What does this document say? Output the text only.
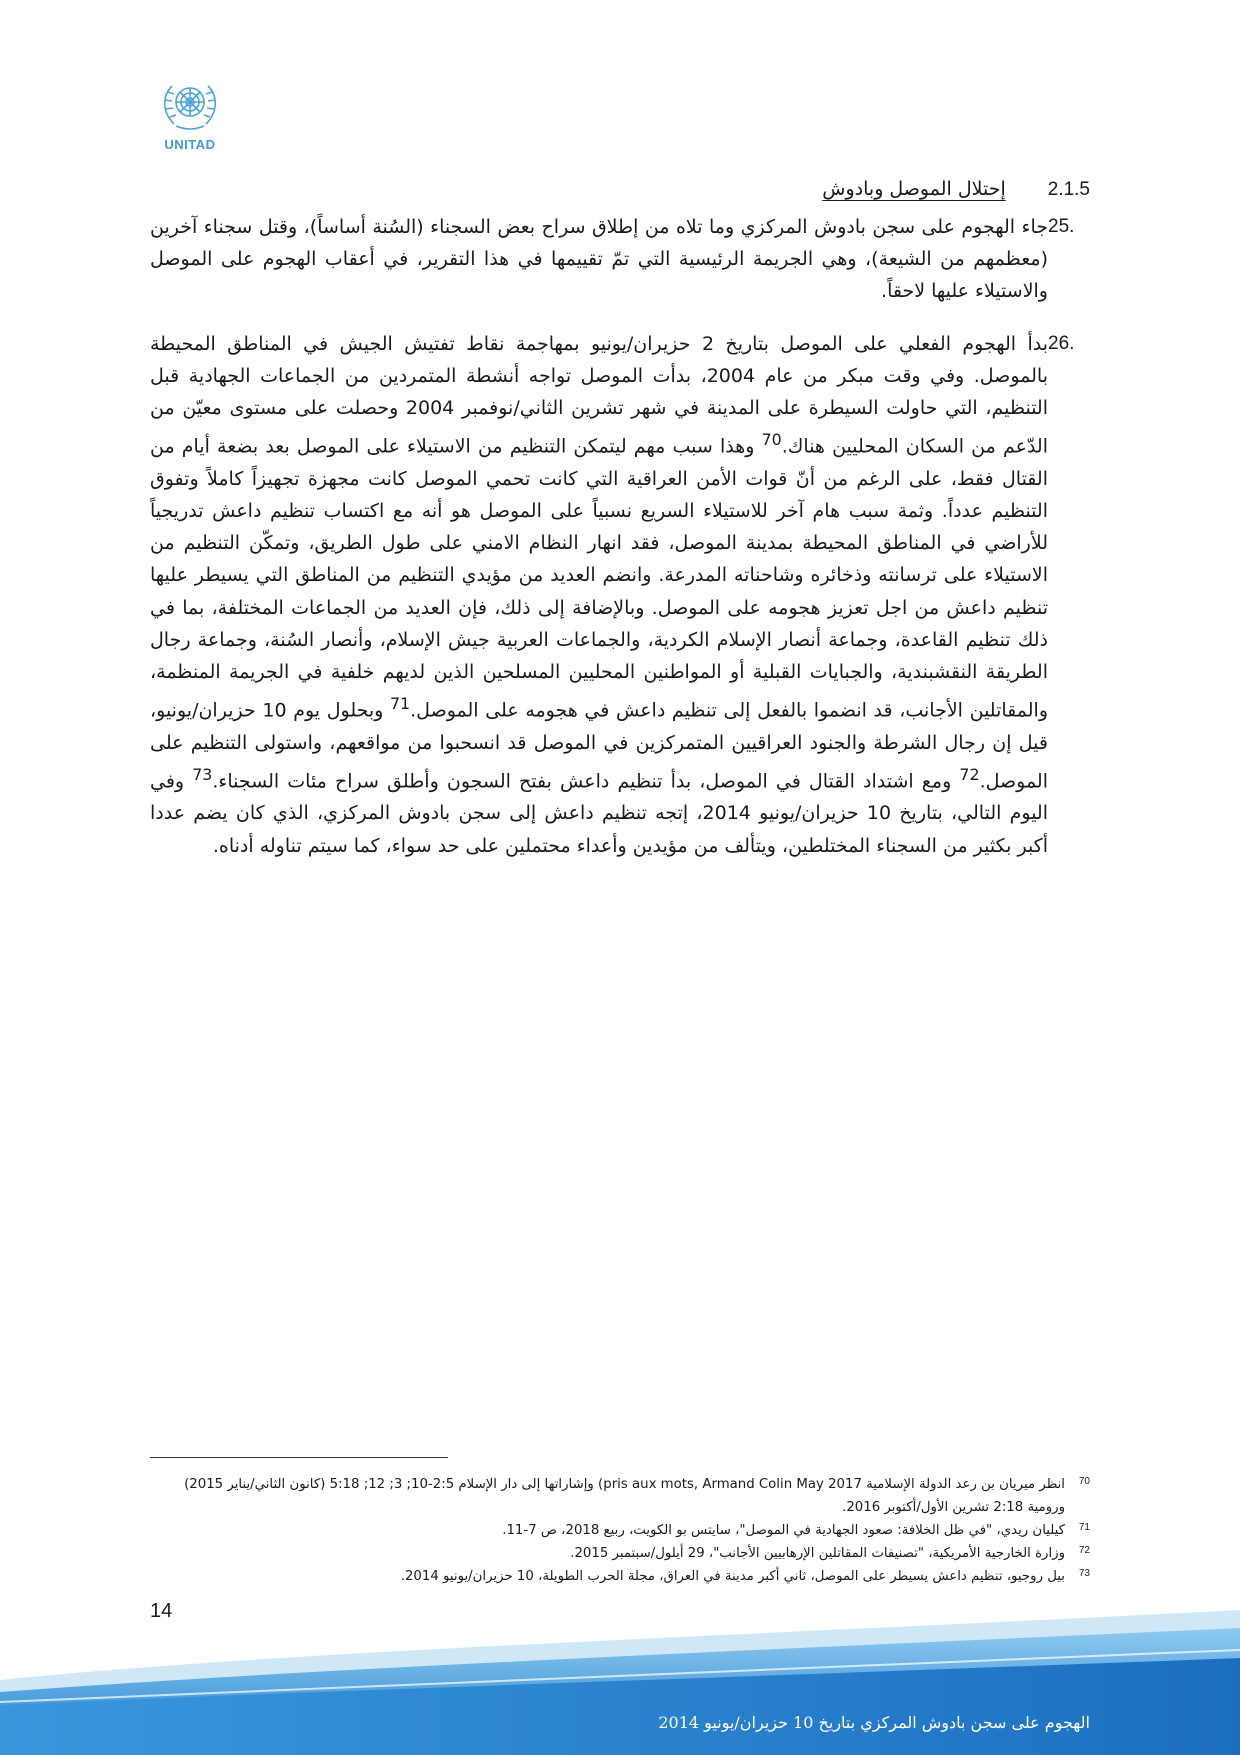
UNITAD
2.1.5
إحتلال الموصل وبادوش
25.
جاء الهجوم على سجن بادوش المركزي وما تلاه من إطلاق سراح بعض السجناء (السُنة أساساً)، وقتل سجناء آخرين (معظمهم من الشيعة)، وهي الجريمة الرئيسية التي تمّ تقييمها في هذا التقرير، في أعقاب الهجوم على الموصل والاستيلاء عليها لاحقاً.
26.
بدأ الهجوم الفعلي على الموصل بتاريخ 2 حزيران/يونيو بمهاجمة نقاط تفتيش الجيش في المناطق المحيطة بالموصل. وفي وقت مبكر من عام 2004، بدأت الموصل تواجه أنشطة المتمردين من الجماعات الجهادية قبل التنظيم، التي حاولت السيطرة على المدينة في شهر تشرين الثاني/نوفمبر 2004 وحصلت على مستوى معيّن من الدّعم من السكان المحليين هناك.$^{70}$ وهذا سبب مهم ليتمكن التنظيم من الاستيلاء على الموصل بعد بضعة أيام من القتال فقط، على الرغم من أنّ قوات الأمن العراقية التي كانت تحمي الموصل كانت مجهزة تجهيزاً كاملاً وتفوق التنظيم عدداً. وثمة سبب هام آخر للاستيلاء السريع نسبياً على الموصل هو أنه مع اكتساب تنظيم داعش تدريجياً للأراضي في المناطق المحيطة بمدينة الموصل، فقد انهار النظام الامني على طول الطريق، وتمكّن التنظيم من الاستيلاء على ترسانته وذخائره وشاحناته المدرعة. وانضم العديد من مؤيدي التنظيم من المناطق التي يسيطر عليها تنظيم داعش من اجل تعزيز هجومه على الموصل. وبالإضافة إلى ذلك، فإن العديد من الجماعات المختلفة، بما في ذلك تنظيم القاعدة، وجماعة أنصار الإسلام الكردية، والجماعات العربية جيش الإسلام، وأنصار السُنة، وجماعة رجال الطريقة النقشبندية، والجبايات القبلية أو المواطنين المحليين المسلحين الذين لديهم خلفية في الجريمة المنظمة، والمقاتلين الأجانب، قد انضموا بالفعل إلى تنظيم داعش في هجومه على الموصل.$^{71}$ وبحلول يوم 10 حزيران/يونيو، قيل إن رجال الشرطة والجنود العراقيين المتمركزين في الموصل قد انسحبوا من مواقعهم، واستولى التنظيم على الموصل.$^{72}$ ومع اشتداد القتال في الموصل، بدأ تنظيم داعش بفتح السجون وأطلق سراح مئات السجناء.$^{73}$ وفي اليوم التالي، بتاريخ 10 حزيران/يونيو 2014، إتجه تنظيم داعش إلى سجن بادوش المركزي، الذي كان يضم عددا أكبر بكثير من السجناء المختلطين، ويتألف من مؤيدين وأعداء محتملين على حد سواء، كما سيتم تناوله أدناه.
70
انظر ميريان بن رعد الدولة الإسلامية pris aux mots, Armand Colin May 2017) وإشاراتها إلى دار الإسلام 2:5-10; 3; 12; 5:18 (كانون الثاني/يناير 2015) ورومية 2:18 تشرين الأول/أكتوبر 2016.
71
كيليان ريدي، "في ظل الخلافة: صعود الجهادية في الموصل"، سايتس بو الكويت، ربيع 2018، ص 7-11.
72
وزارة الخارجية الأمريكية، "تصنيفات المقاتلين الإرهابيين الأجانب"، 29 أيلول/سبتمبر 2015.
73
بيل روجيو، تنظيم داعش يسيطر على الموصل، ثاني أكبر مدينة في العراق، مجلة الحرب الطويلة، 10 حزيران/يونيو 2014.
14
الهجوم على سجن بادوش المركزي بتاريخ 10 حزيران/يونيو 2014
